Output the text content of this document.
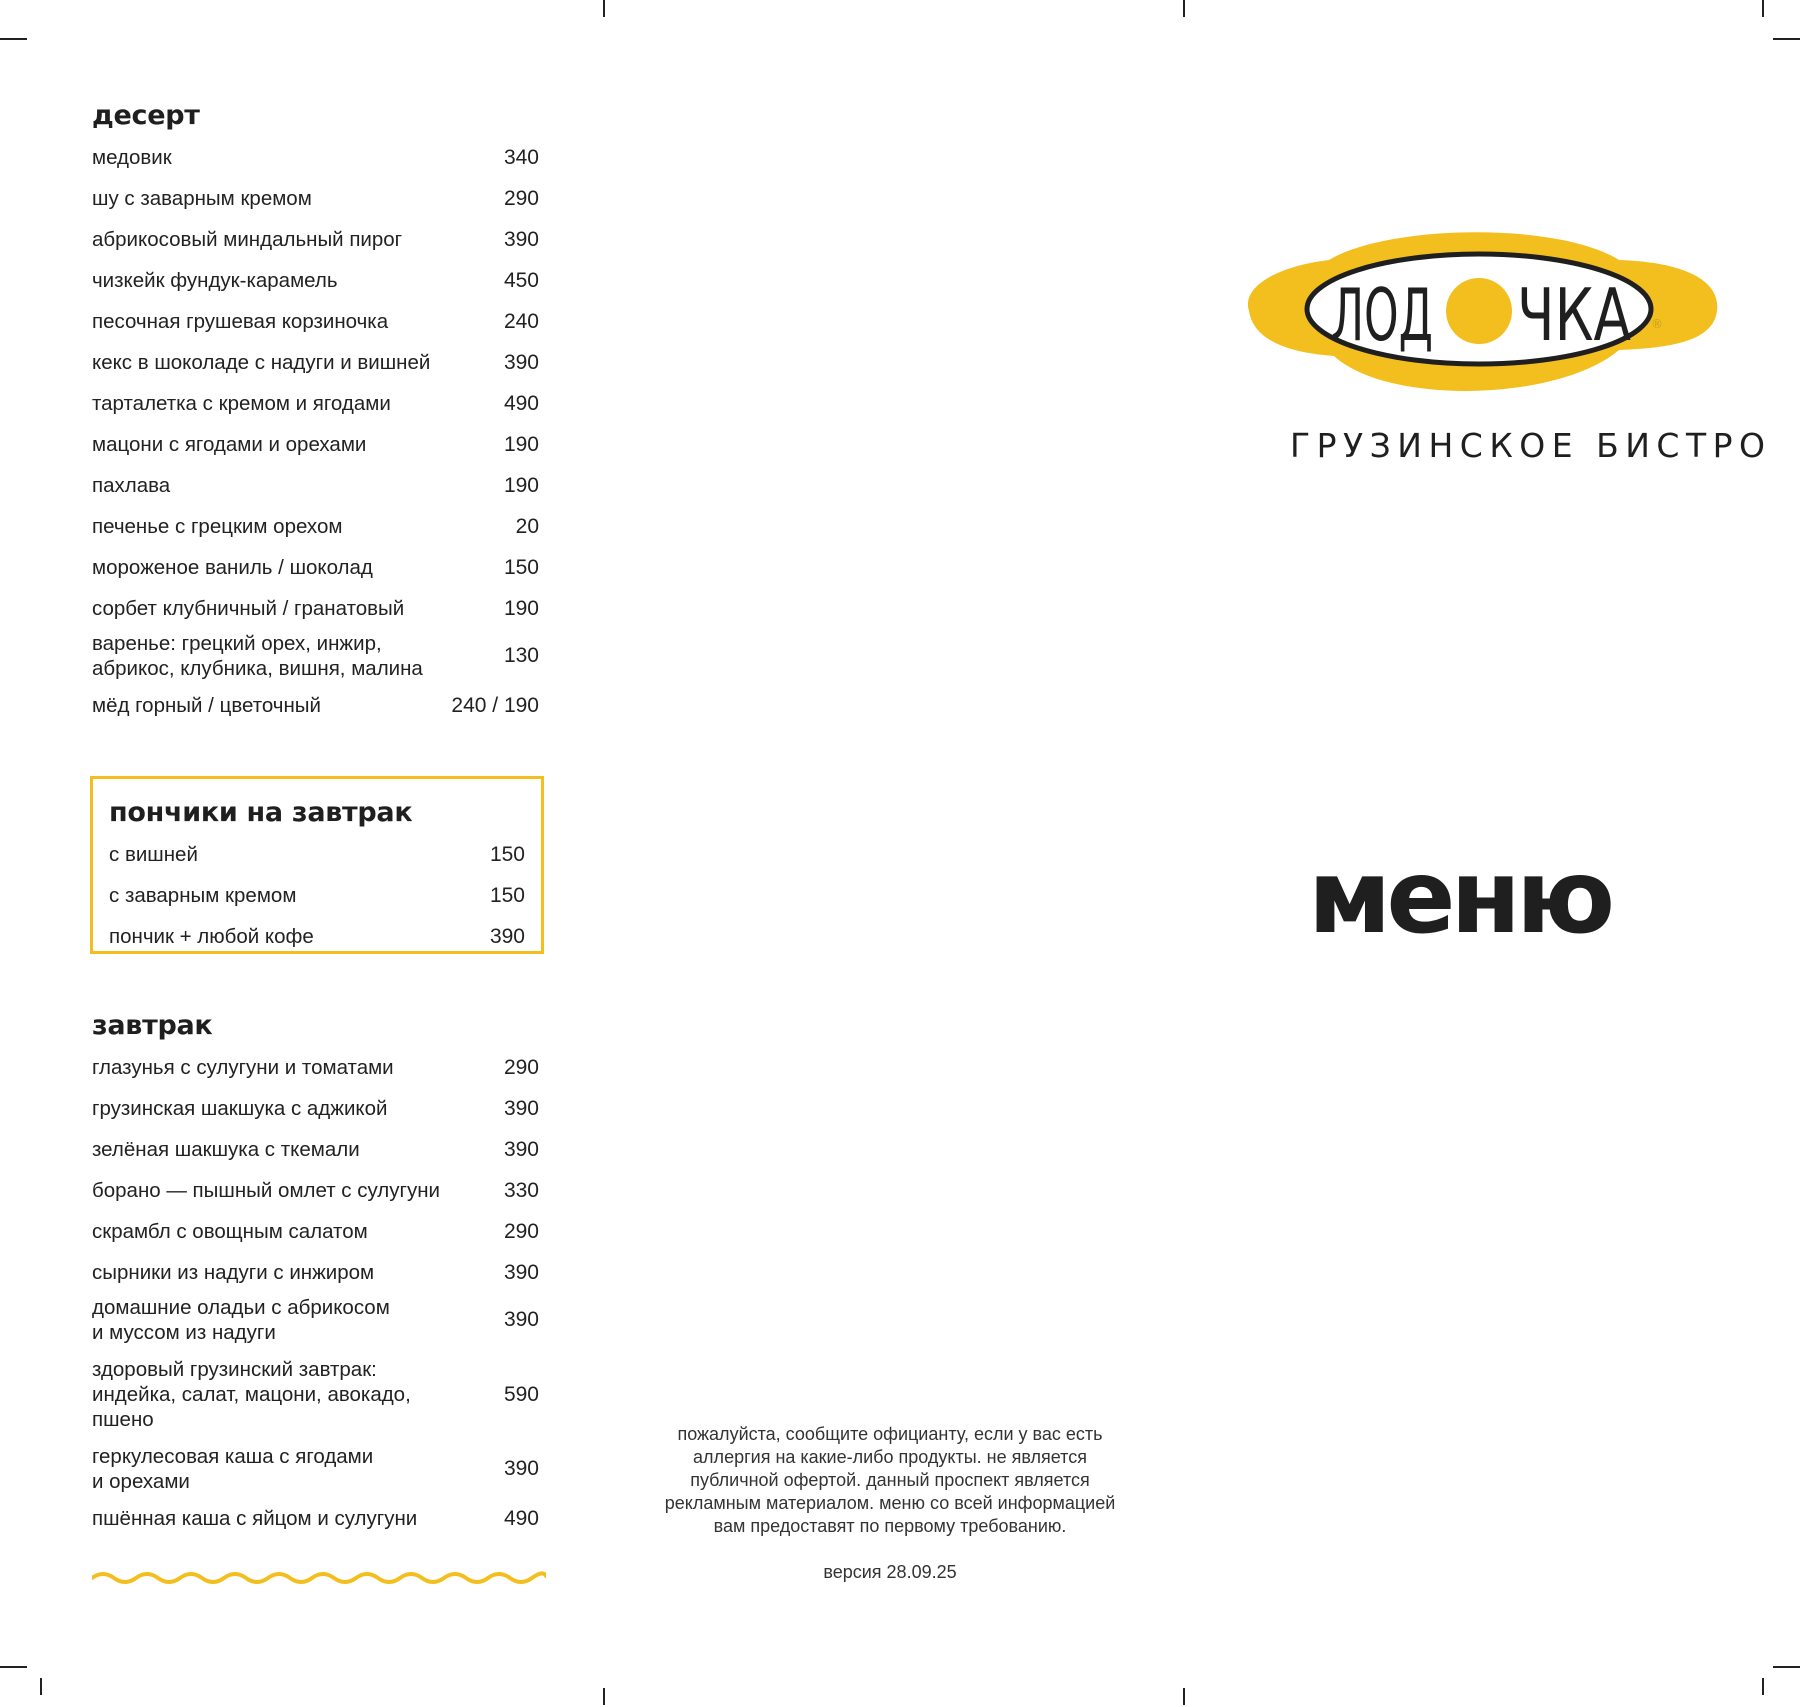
десерт
медовик	340
шу с заварным кремом	290
абрикосовый миндальный пирог	390
чизкейк фундук-карамель	450
песочная грушевая корзиночка	240
кекс в шоколаде с надуги и вишней	390
тарталетка с кремом и ягодами	490
мацони с ягодами и орехами	190
пахлава	190
печенье с грецким орехом	20
мороженое ваниль / шоколад	150
сорбет клубничный / гранатовый	190
варенье: грецкий орех, инжир,
абрикос, клубника, вишня, малина
130
мёд горный / цветочный	240 / 190
пончики на завтрак
с вишней	150
с заварным кремом	150
пончик + любой кофе	390
завтрак
глазунья с сулугуни и томатами	290
грузинская шакшука с аджикой	390
зелёная шакшука с ткемали	390
борано — пышный омлет с сулугуни	330
скрамбл с овощным салатом	290
сырники из надуги с инжиром	390
домашние оладьи с абрикосом
и муссом из надуги
390
здоровый грузинский завтрак:
индейка, салат, мацони, авокадо,
пшено
590
геркулесовая каша с ягодами
и орехами
390
пшённая каша с яйцом и сулугуни	490
ЛОД ЧКА ®
ГРУЗИНСКОЕ БИСТРО
меню
пожалуйста, сообщите официанту, если у вас есть
аллергия на какие-либо продукты. не является
публичной офертой. данный проспект является
рекламным материалом. меню со всей информацией
вам предоставят по первому требованию.
версия 28.09.25
